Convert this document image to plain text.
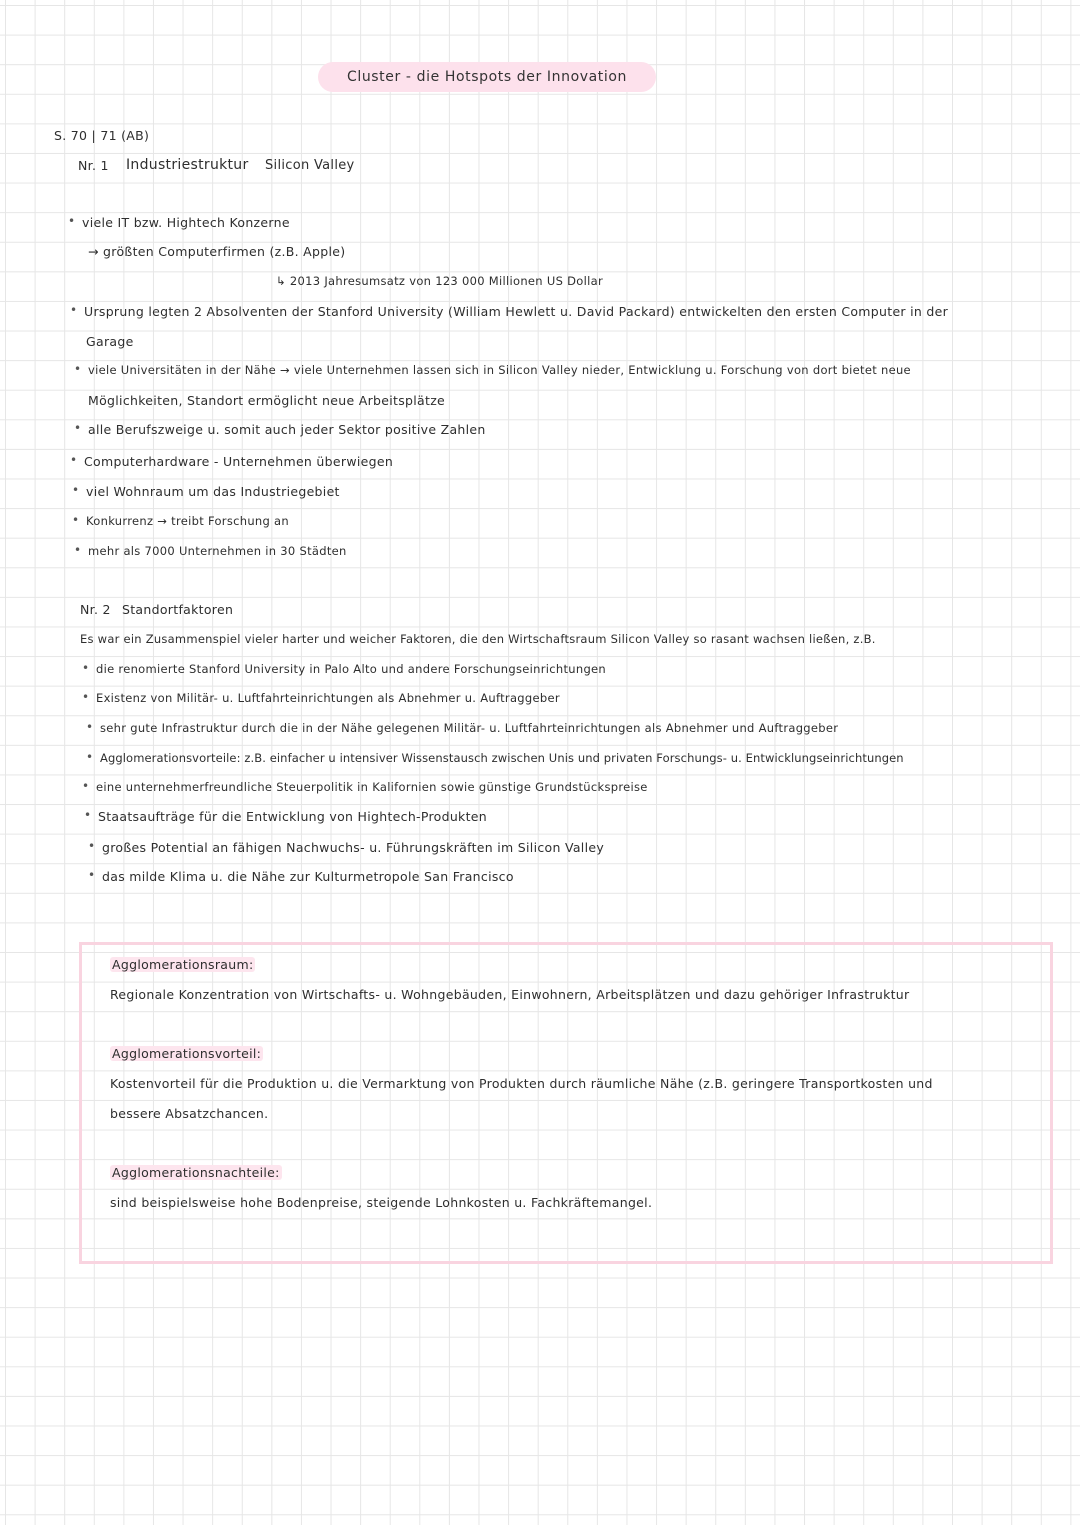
Cluster - die Hotspots der Innovation
S. 70 | 71 (AB)
Nr. 1 Industriestruktur Silicon Valley
• viele IT bzw. Hightech Konzerne
→ größten Computerfirmen (z.B. Apple)
↳ 2013 Jahresumsatz von 123 000 Millionen US Dollar
• Ursprung legten 2 Absolventen der Stanford University (William Hewlett u. David Packard) entwickelten den ersten Computer in der
Garage
• viele Universitäten in der Nähe → viele Unternehmen lassen sich in Silicon Valley nieder, Entwicklung u. Forschung von dort bietet neue
Möglichkeiten, Standort ermöglicht neue Arbeitsplätze
• alle Berufszweige u. somit auch jeder Sektor positive Zahlen
• Computerhardware - Unternehmen überwiegen
• viel Wohnraum um das Industriegebiet
• Konkurrenz → treibt Forschung an
• mehr als 7000 Unternehmen in 30 Städten
Nr. 2 Standortfaktoren
Es war ein Zusammenspiel vieler harter und weicher Faktoren, die den Wirtschaftsraum Silicon Valley so rasant wachsen ließen, z.B.
• die renomierte Stanford University in Palo Alto und andere Forschungseinrichtungen
• Existenz von Militär- u. Luftfahrteinrichtungen als Abnehmer u. Auftraggeber
• sehr gute Infrastruktur durch die in der Nähe gelegenen Militär- u. Luftfahrteinrichtungen als Abnehmer und Auftraggeber
• Agglomerationsvorteile: z.B. einfacher u intensiver Wissenstausch zwischen Unis und privaten Forschungs- u. Entwicklungseinrichtungen
• eine unternehmerfreundliche Steuerpolitik in Kalifornien sowie günstige Grundstückspreise
• Staatsaufträge für die Entwicklung von Hightech-Produkten
• großes Potential an fähigen Nachwuchs- u. Führungskräften im Silicon Valley
• das milde Klima u. die Nähe zur Kulturmetropole San Francisco
Agglomerationsraum:
Regionale Konzentration von Wirtschafts- u. Wohngebäuden, Einwohnern, Arbeitsplätzen und dazu gehöriger Infrastruktur
Agglomerationsvorteil:
Kostenvorteil für die Produktion u. die Vermarktung von Produkten durch räumliche Nähe (z.B. geringere Transportkosten und
bessere Absatzchancen.
Agglomerationsnachteile:
sind beispielsweise hohe Bodenpreise, steigende Lohnkosten u. Fachkräftemangel.
